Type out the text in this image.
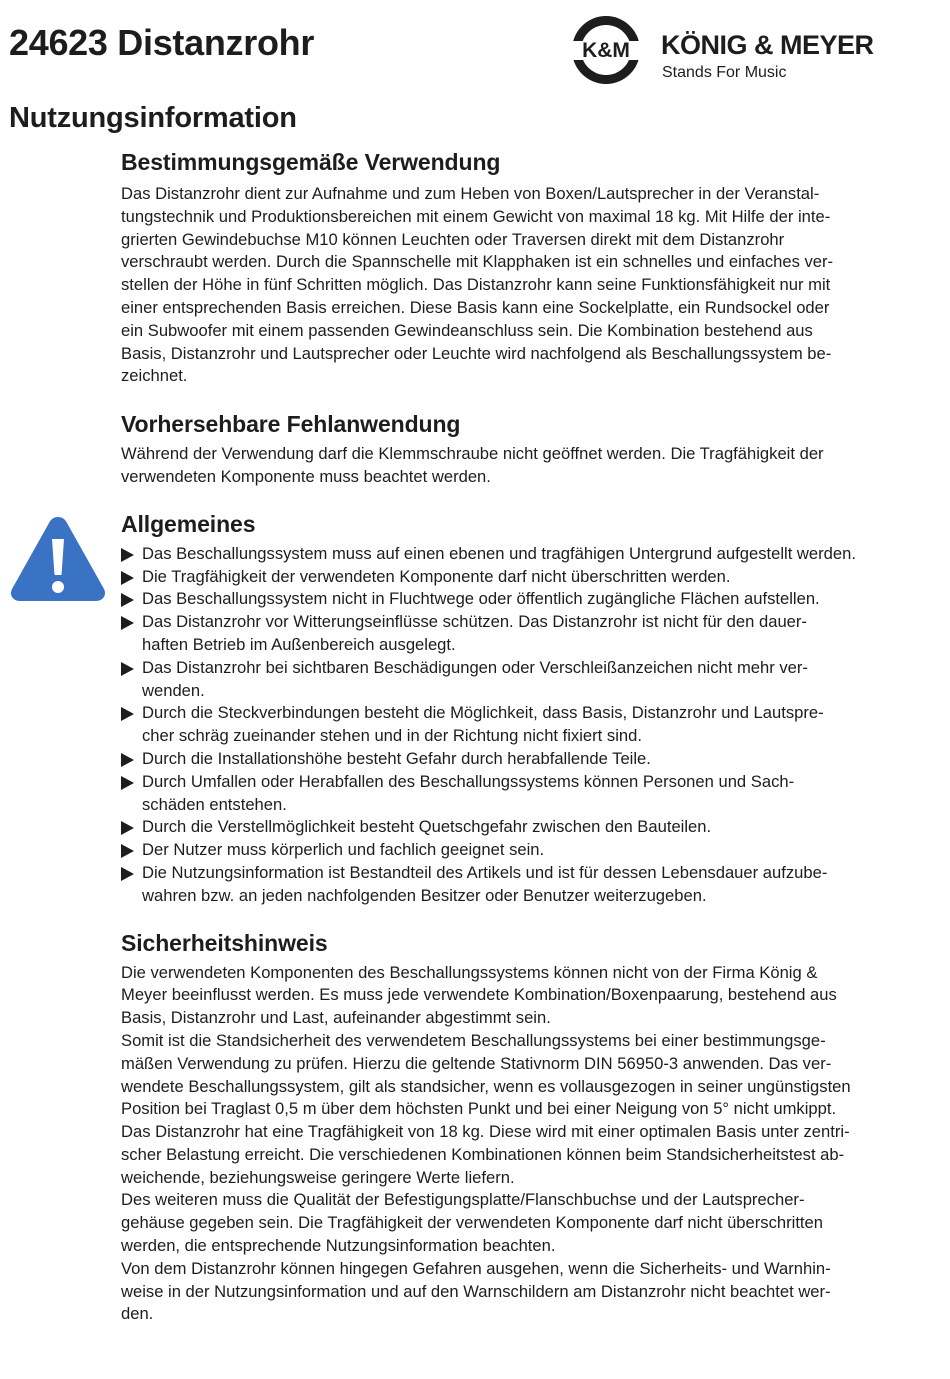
24623 Distanzrohr	K&M KÖNIG & MEYER
Stands For Music
Nutzungsinformation
Bestimmungsgemäße Verwendung

Das Distanzrohr dient zur Aufnahme und zum Heben von Boxen/Lautsprecher in der Veranstal-
tungstechnik und Produktionsbereichen mit einem Gewicht von maximal 18 kg. Mit Hilfe der inte-
grierten Gewindebuchse M10 können Leuchten oder Traversen direkt mit dem Distanzrohr
verschraubt werden. Durch die Spannschelle mit Klapphaken ist ein schnelles und einfaches ver-
stellen der Höhe in fünf Schritten möglich. Das Distanzrohr kann seine Funktionsfähigkeit nur mit
einer entsprechenden Basis erreichen. Diese Basis kann eine Sockelplatte, ein Rundsockel oder
ein Subwoofer mit einem passenden Gewindeanschluss sein. Die Kombination bestehend aus
Basis, Distanzrohr und Lautsprecher oder Leuchte wird nachfolgend als Beschallungssystem be-
zeichnet.

Vorhersehbare Fehlanwendung

Während der Verwendung darf die Klemmschraube nicht geöffnet werden. Die Tragfähigkeit der
verwendeten Komponente muss beachtet werden.

Allgemeines
Das Beschallungssystem muss auf einen ebenen und tragfähigen Untergrund aufgestellt werden.
Die Tragfähigkeit der verwendeten Komponente darf nicht überschritten werden.
Das Beschallungssystem nicht in Fluchtwege oder öffentlich zugängliche Flächen aufstellen.
Das Distanzrohr vor Witterungseinflüsse schützen. Das Distanzrohr ist nicht für den dauer-
haften Betrieb im Außenbereich ausgelegt.
Das Distanzrohr bei sichtbaren Beschädigungen oder Verschleißanzeichen nicht mehr ver-
wenden.
Durch die Steckverbindungen besteht die Möglichkeit, dass Basis, Distanzrohr und Lautspre-
cher schräg zueinander stehen und in der Richtung nicht fixiert sind.
Durch die Installationshöhe besteht Gefahr durch herabfallende Teile.
Durch Umfallen oder Herabfallen des Beschallungssystems können Personen und Sach-
schäden entstehen.
Durch die Verstellmöglichkeit besteht Quetschgefahr zwischen den Bauteilen.
Der Nutzer muss körperlich und fachlich geeignet sein.
Die Nutzungsinformation ist Bestandteil des Artikels und ist für dessen Lebensdauer aufzube-
wahren bzw. an jeden nachfolgenden Besitzer oder Benutzer weiterzugeben.
Sicherheitshinweis

Die verwendeten Komponenten des Beschallungssystems können nicht von der Firma König &
Meyer beeinflusst werden. Es muss jede verwendete Kombination/Boxenpaarung, bestehend aus
Basis, Distanzrohr und Last, aufeinander abgestimmt sein.
Somit ist die Standsicherheit des verwendetem Beschallungssystems bei einer bestimmungsge-
mäßen Verwendung zu prüfen. Hierzu die geltende Stativnorm DIN 56950-3 anwenden. Das ver-
wendete Beschallungssystem, gilt als standsicher, wenn es vollausgezogen in seiner ungünstigsten
Position bei Traglast 0,5 m über dem höchsten Punkt und bei einer Neigung von 5° nicht umkippt.
Das Distanzrohr hat eine Tragfähigkeit von 18 kg. Diese wird mit einer optimalen Basis unter zentri-
scher Belastung erreicht. Die verschiedenen Kombinationen können beim Standsicherheitstest ab-
weichende, beziehungsweise geringere Werte liefern.
Des weiteren muss die Qualität der Befestigungsplatte/Flanschbuchse und der Lautsprecher-
gehäuse gegeben sein. Die Tragfähigkeit der verwendeten Komponente darf nicht überschritten
werden, die entsprechende Nutzungsinformation beachten.
Von dem Distanzrohr können hingegen Gefahren ausgehen, wenn die Sicherheits- und Warnhin-
weise in der Nutzungsinformation und auf den Warnschildern am Distanzrohr nicht beachtet wer-
den.
